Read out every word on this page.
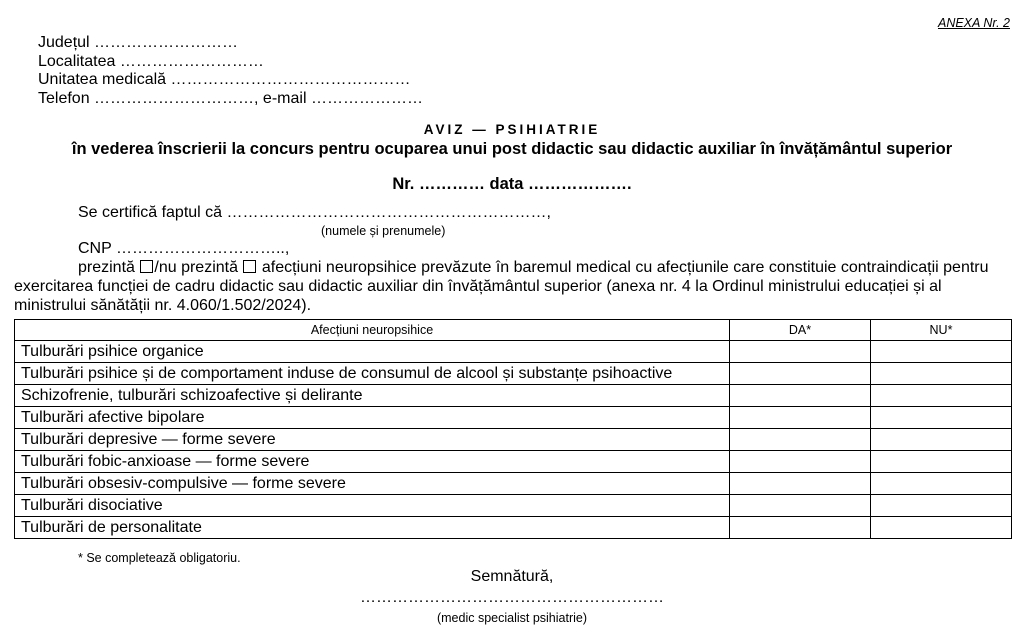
ANEXA Nr. 2
Județul ………………………
Localitatea ………………………
Unitatea medicală ………………………………………
Telefon …………………………, e-mail …………………
AVIZ — PSIHIATRIE
în vederea înscrierii la concurs pentru ocuparea unui post didactic sau didactic auxiliar în învățământul superior
Nr. ………… data ……………….
Se certifică faptul că ……………………………………………………,
(numele și prenumele)
CNP …………………………..,
prezintă /nu prezintă afecțiuni neuropsihice prevăzute în baremul medical cu afecțiunile care constituie contraindicații pentru exercitarea funcției de cadru didactic sau didactic auxiliar din învățământul superior (anexa nr. 4 la Ordinul ministrului educației și al ministrului sănătății nr. 4.060/1.502/2024).
Afecțiuni neuropsihice	DA*	NU*
Tulburări psihice organice		
Tulburări psihice și de comportament induse de consumul de alcool și substanțe psihoactive		
Schizofrenie, tulburări schizoafective și delirante		
Tulburări afective bipolare		
Tulburări depresive — forme severe		
Tulburări fobic-anxioase — forme severe		
Tulburări obsesiv-compulsive — forme severe		
Tulburări disociative		
Tulburări de personalitate		
* Se completează obligatoriu.
Semnătură,
…………………………………………………
(medic specialist psihiatrie)
